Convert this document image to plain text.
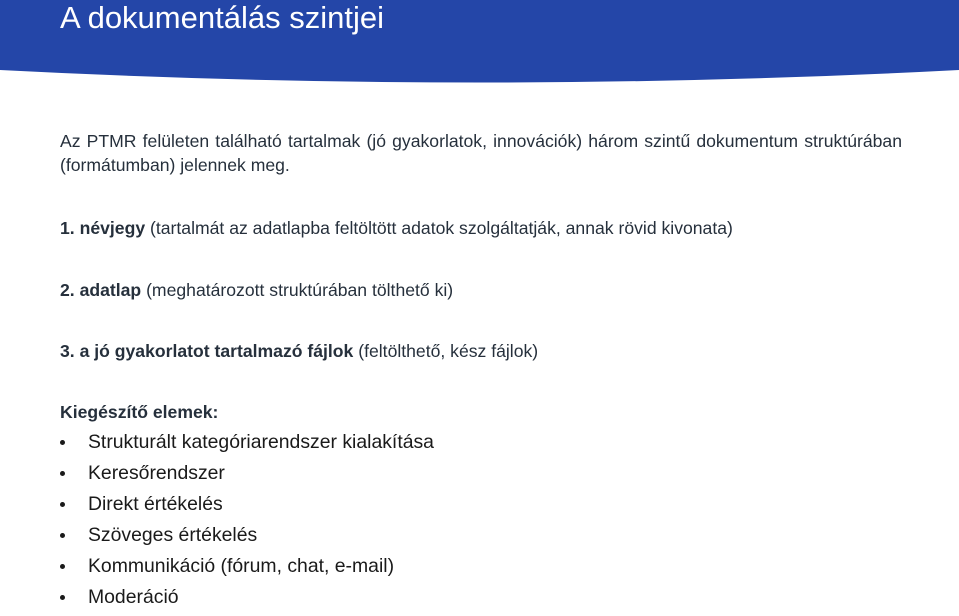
A dokumentálás szintjei

Az PTMR felületen található tartalmak (jó gyakorlatok, innovációk) három szintű dokumentum struktúrában (formátumban) jelennek meg.

1. névjegy (tartalmát az adatlapba feltöltött adatok szolgáltatják, annak rövid kivonata)

2. adatlap (meghatározott struktúrában tölthető ki)

3. a jó gyakorlatot tartalmazó fájlok (feltölthető, kész fájlok)

Kiegészítő elemek:

Strukturált kategóriarendszer kialakítása
Keresőrendszer
Direkt értékelés
Szöveges értékelés
Kommunikáció (fórum, chat, e-mail)
Moderáció
